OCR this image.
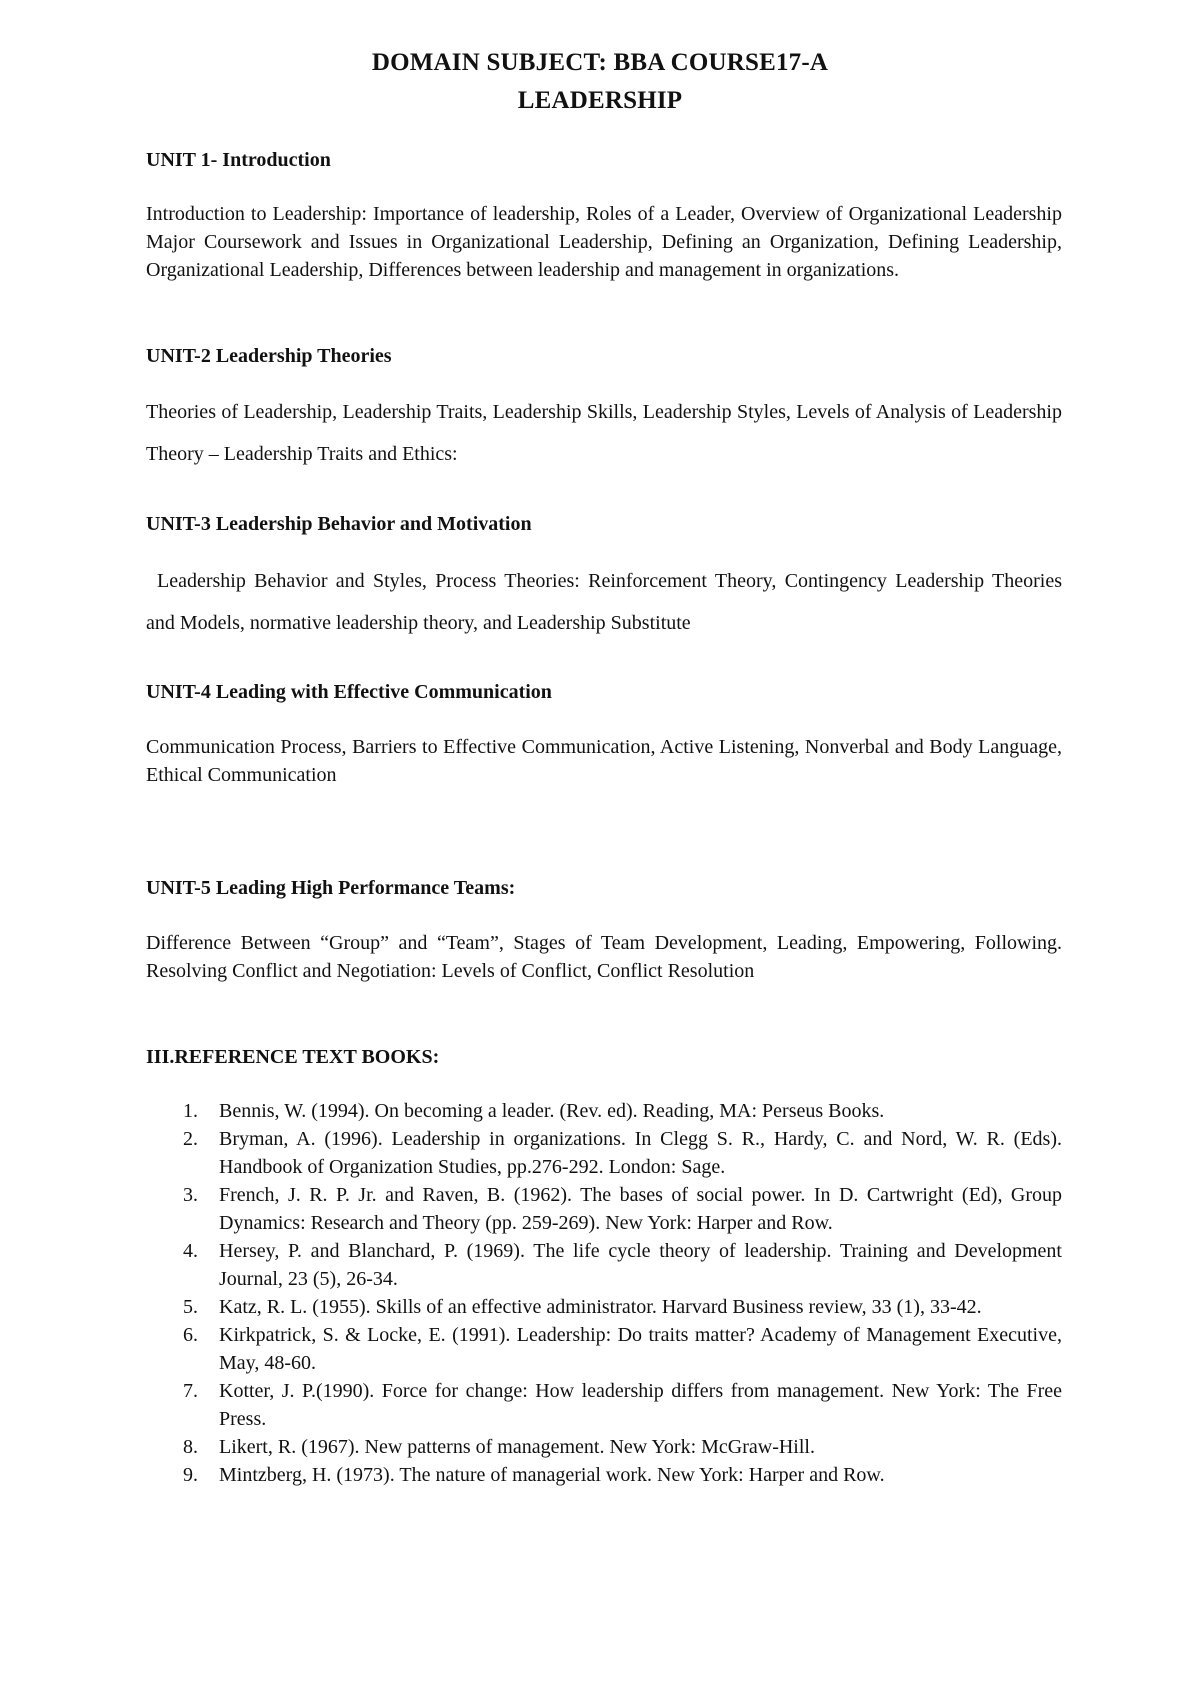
DOMAIN SUBJECT: BBA COURSE17-A
LEADERSHIP
UNIT 1- Introduction
Introduction to Leadership: Importance of leadership, Roles of a Leader, Overview of Organizational Leadership Major Coursework and Issues in Organizational Leadership, Defining an Organization, Defining Leadership, Organizational Leadership, Differences between leadership and management in organizations.
UNIT-2 Leadership Theories
Theories of Leadership, Leadership Traits, Leadership Skills, Leadership Styles, Levels of Analysis of Leadership Theory – Leadership Traits and Ethics:
UNIT-3 Leadership Behavior and Motivation
Leadership Behavior and Styles, Process Theories: Reinforcement Theory, Contingency Leadership Theories and Models, normative leadership theory, and Leadership Substitute
UNIT-4 Leading with Effective Communication
Communication Process, Barriers to Effective Communication, Active Listening, Nonverbal and Body Language, Ethical Communication
UNIT-5 Leading High Performance Teams:
Difference Between “Group” and “Team”, Stages of Team Development, Leading, Empowering, Following. Resolving Conflict and Negotiation: Levels of Conflict, Conflict Resolution
III.REFERENCE TEXT BOOKS:
1. Bennis, W. (1994). On becoming a leader. (Rev. ed). Reading, MA: Perseus Books.
2. Bryman, A. (1996). Leadership in organizations. In Clegg S. R., Hardy, C. and Nord, W. R. (Eds). Handbook of Organization Studies, pp.276-292. London: Sage.
3. French, J. R. P. Jr. and Raven, B. (1962). The bases of social power. In D. Cartwright (Ed), Group Dynamics: Research and Theory (pp. 259-269). New York: Harper and Row.
4. Hersey, P. and Blanchard, P. (1969). The life cycle theory of leadership. Training and Development Journal, 23 (5), 26-34.
5. Katz, R. L. (1955). Skills of an effective administrator. Harvard Business review, 33 (1), 33-42.
6. Kirkpatrick, S. & Locke, E. (1991). Leadership: Do traits matter? Academy of Management Executive, May, 48-60.
7. Kotter, J. P.(1990). Force for change: How leadership differs from management. New York: The Free Press.
8. Likert, R. (1967). New patterns of management. New York: McGraw-Hill.
9. Mintzberg, H. (1973). The nature of managerial work. New York: Harper and Row.
